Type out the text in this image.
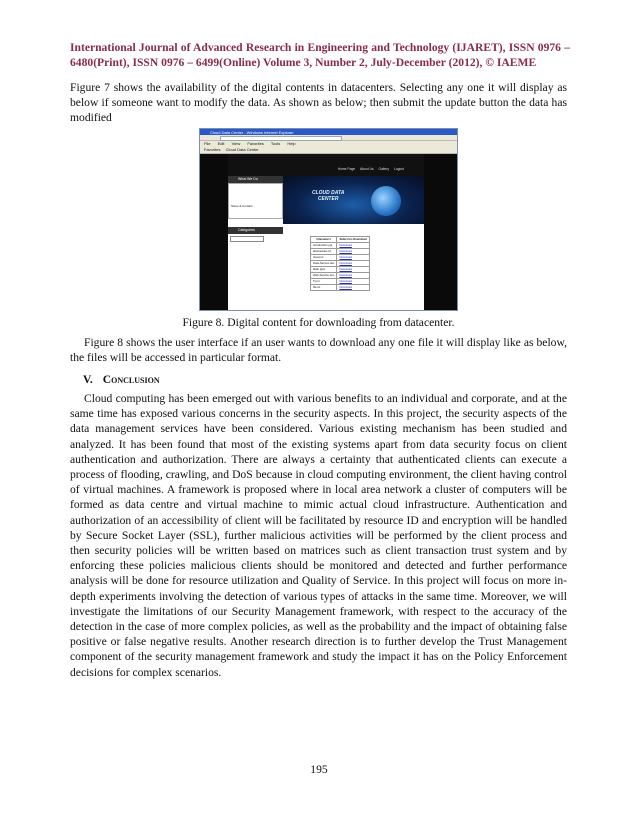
International Journal of Advanced Research in Engineering and Technology (IJARET), ISSN 0976 – 6480(Print), ISSN 0976 – 6499(Online) Volume 3, Number 2, July-December (2012), © IAEME

Figure 7 shows the availability of the digital contents in datacenters. Selecting any one it will display as below if someone want to modify the data. As shown as below; then submit the update button the data has modified

Cloud Data Center - Windows Internet Explorer
File Edit View Favorites Tools Help
Favorites Cloud Data Center
Home Page About Us Gallery Logout
What We Do
Show & Contact
Categories
CLOUD DATA
CENTER
Filename's	Select Ico Download
Introduction.ppt	Download
abstractdoc.txt	Download
cloud.txt	Download
Data-Service.doc	Download
Main.java	Download
Web-Service.doc	Download
Ty.txt	Download
file.txt	Download
Figure 8. Digital content for downloading from datacenter.

Figure 8 shows the user interface if an user wants to download any one file it will display like as below, the files will be accessed in particular format.

V. Conclusion

Cloud computing has been emerged out with various benefits to an individual and corporate, and at the same time has exposed various concerns in the security aspects. In this project, the security aspects of the data management services have been considered. Various existing mechanism has been studied and analyzed. It has been found that most of the existing systems apart from data security focus on client authentication and authorization. There are always a certainty that authenticated clients can execute a process of flooding, crawling, and DoS because in cloud computing environment, the client having control of virtual machines. A framework is proposed where in local area network a cluster of computers will be formed as data centre and virtual machine to mimic actual cloud infrastructure. Authentication and authorization of an accessibility of client will be facilitated by resource ID and encryption will be handled by Secure Socket Layer (SSL), further malicious activities will be performed by the client process and then security policies will be written based on matrices such as client transaction trust system and by enforcing these policies malicious clients should be monitored and detected and further performance analysis will be done for resource utilization and Quality of Service. In this project will focus on more in-depth experiments involving the detection of various types of attacks in the same time. Moreover, we will investigate the limitations of our Security Management framework, with respect to the accuracy of the detection in the case of more complex policies, as well as the probability and the impact of obtaining false positive or false negative results. Another research direction is to further develop the Trust Management component of the security management framework and study the impact it has on the Policy Enforcement decisions for complex scenarios.

195
